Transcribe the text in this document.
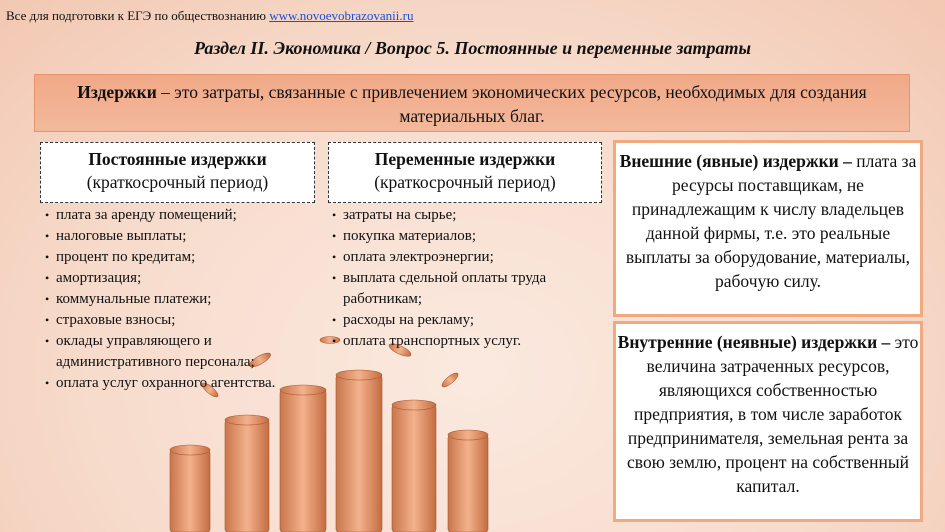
Все для подготовки к ЕГЭ по обществознанию www.novoevobrazovanii.ru
Раздел II. Экономика / Вопрос 5. Постоянные и переменные затраты
Издержки – это затраты, связанные с привлечением экономических ресурсов, необходимых для создания материальных благ.
Постоянные издержки
(краткосрочный период)
Переменные издержки
(краткосрочный период)
• плата за аренду помещений;
• налоговые выплаты;
• процент по кредитам;
• амортизация;
• коммунальные платежи;
• страховые взносы;
• оклады управляющего и административного персонала;
• оплата услуг охранного агентства.
• затраты на сырье;
• покупка материалов;
• оплата электроэнергии;
• выплата сдельной оплаты труда работникам;
• расходы на рекламу;
• оплата транспортных услуг.
Внешние (явные) издержки – плата за ресурсы поставщикам, не принадлежащим к числу владельцев данной фирмы, т.е. это реальные выплаты за оборудование, материалы, рабочую силу.
Внутренние (неявные) издержки – это величина затраченных ресурсов, являющихся собственностью предприятия, в том числе заработок предпринимателя, земельная рента за свою землю, процент на собственный капитал.
